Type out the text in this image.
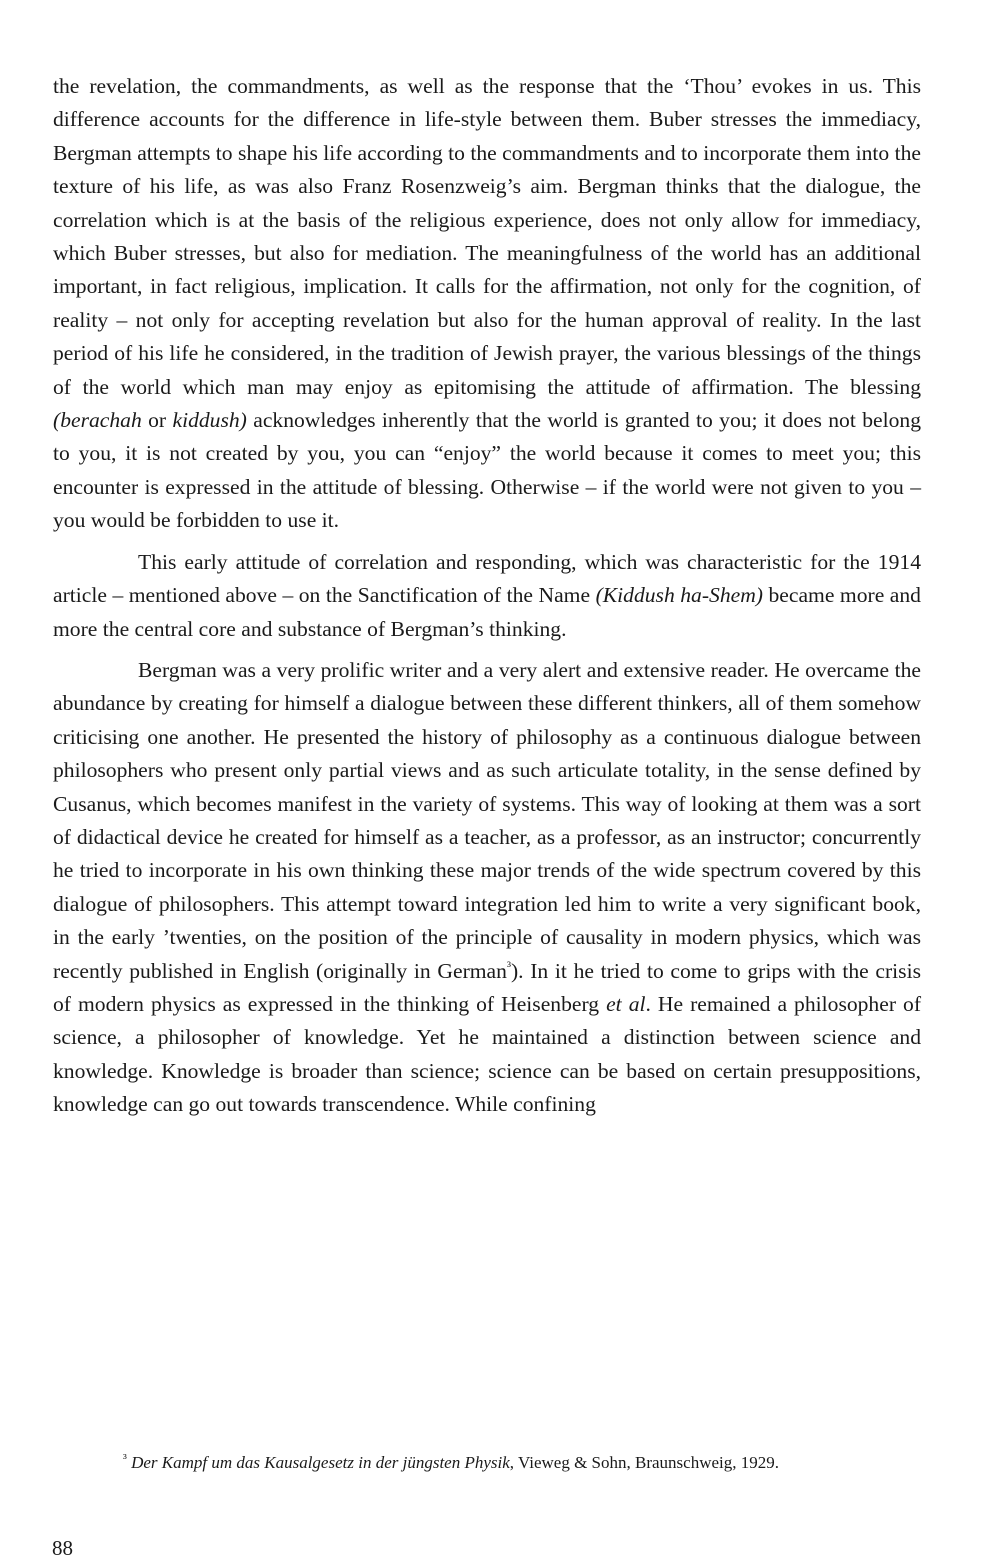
the revelation, the commandments, as well as the response that the ‘Thou’ evokes in us. This difference accounts for the difference in life-style between them. Buber stresses the immediacy, Bergman attempts to shape his life according to the commandments and to incorporate them into the texture of his life, as was also Franz Rosenzweig’s aim. Bergman thinks that the dialogue, the correlation which is at the basis of the religious experience, does not only allow for immediacy, which Buber stresses, but also for mediation. The meaningfulness of the world has an additional important, in fact religious, implication. It calls for the affirmation, not only for the cognition, of reality – not only for accepting revelation but also for the human approval of reality. In the last period of his life he considered, in the tradition of Jewish prayer, the various blessings of the things of the world which man may enjoy as epitomising the attitude of affirmation. The blessing (berachah or kiddush) acknowledges inherently that the world is granted to you; it does not belong to you, it is not created by you, you can “enjoy” the world because it comes to meet you; this encounter is expressed in the attitude of blessing. Otherwise – if the world were not given to you – you would be forbidden to use it.

This early attitude of correlation and responding, which was characteristic for the 1914 article – mentioned above – on the Sanctification of the Name (Kiddush ha-Shem) became more and more the central core and substance of Bergman’s thinking.

Bergman was a very prolific writer and a very alert and extensive reader. He overcame the abundance by creating for himself a dialogue between these different thinkers, all of them somehow criticising one another. He presented the history of philosophy as a continuous dialogue between philosophers who present only partial views and as such articulate totality, in the sense defined by Cusanus, which becomes manifest in the variety of systems. This way of looking at them was a sort of didactical device he created for himself as a teacher, as a professor, as an instructor; concurrently he tried to incorporate in his own thinking these major trends of the wide spectrum covered by this dialogue of philosophers. This attempt toward integration led him to write a very significant book, in the early ’twenties, on the position of the principle of causality in modern physics, which was recently published in English (originally in German$^{^3}$). In it he tried to come to grips with the crisis of modern physics as expressed in the thinking of Heisenberg et al. He remained a philosopher of science, a philosopher of knowledge. Yet he maintained a distinction between science and knowledge. Knowledge is broader than science; science can be based on certain presuppositions, knowledge can go out towards transcendence. While confining

$^{^3}$ Der Kampf um das Kausalgesetz in der jüngsten Physik, Vieweg & Sohn, Braunschweig, 1929.
88
